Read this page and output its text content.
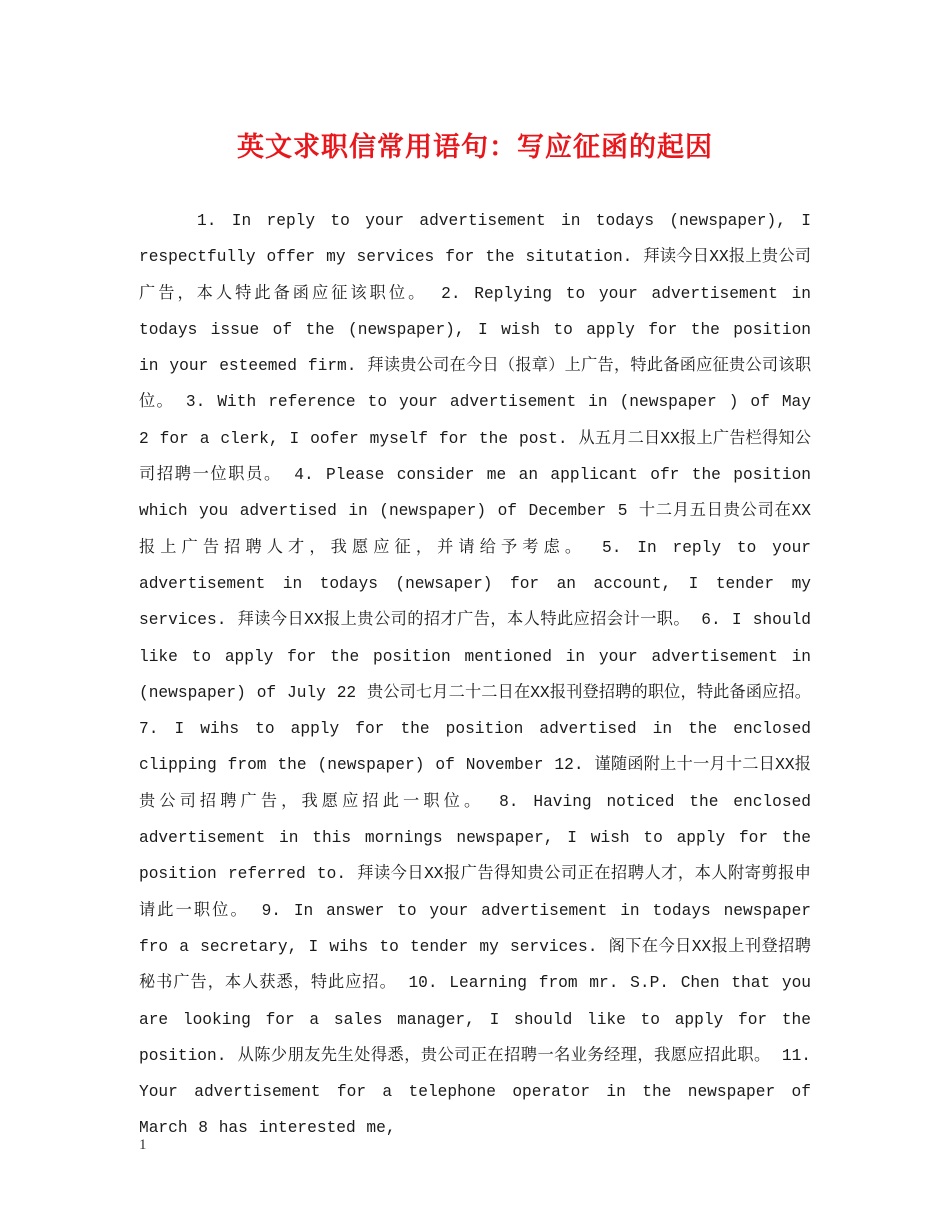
英文求职信常用语句：写应征函的起因

1. In reply to your advertisement in todays (newspaper), I respectfully offer my services for the situtation. 拜读今日XX报上贵公司广告，本人特此备函应征该职位。 2. Replying to your advertisement in todays issue of the (newspaper), I wish to apply for the position in your esteemed firm. 拜读贵公司在今日（报章）上广告，特此备函应征贵公司该职位。 3. With reference to your advertisement in (newspaper ) of May 2 for a clerk, I oofer myself for the post. 从五月二日XX报上广告栏得知公司招聘一位职员。 4. Please consider me an applicant ofr the position which you advertised in (newspaper) of December 5 十二月五日贵公司在XX报上广告招聘人才，我愿应征，并请给予考虑。 5. In reply to your advertisement in todays (newsaper) for an account, I tender my services. 拜读今日XX报上贵公司的招才广告，本人特此应招会计一职。 6. I should like to apply for the position mentioned in your advertisement in (newspaper) of July 22 贵公司七月二十二日在XX报刊登招聘的职位，特此备函应招。 7. I wihs to apply for the position advertised in the enclosed clipping from the (newspaper) of November 12. 谨随函附上十一月十二日XX报贵公司招聘广告，我愿应招此一职位。 8. Having noticed the enclosed advertisement in this mornings newspaper, I wish to apply for the position referred to. 拜读今日XX报广告得知贵公司正在招聘人才，本人附寄剪报申请此一职位。 9. In answer to your advertisement in todays newspaper fro a secretary, I wihs to tender my services. 阁下在今日XX报上刊登招聘秘书广告，本人获悉，特此应招。 10. Learning from mr. S.P. Chen that you are looking for a sales manager, I should like to apply for the position. 从陈少朋友先生处得悉，贵公司正在招聘一名业务经理，我愿应招此职。 11. Your advertisement for a telephone operator in the newspaper of March 8 has interested me,

1
